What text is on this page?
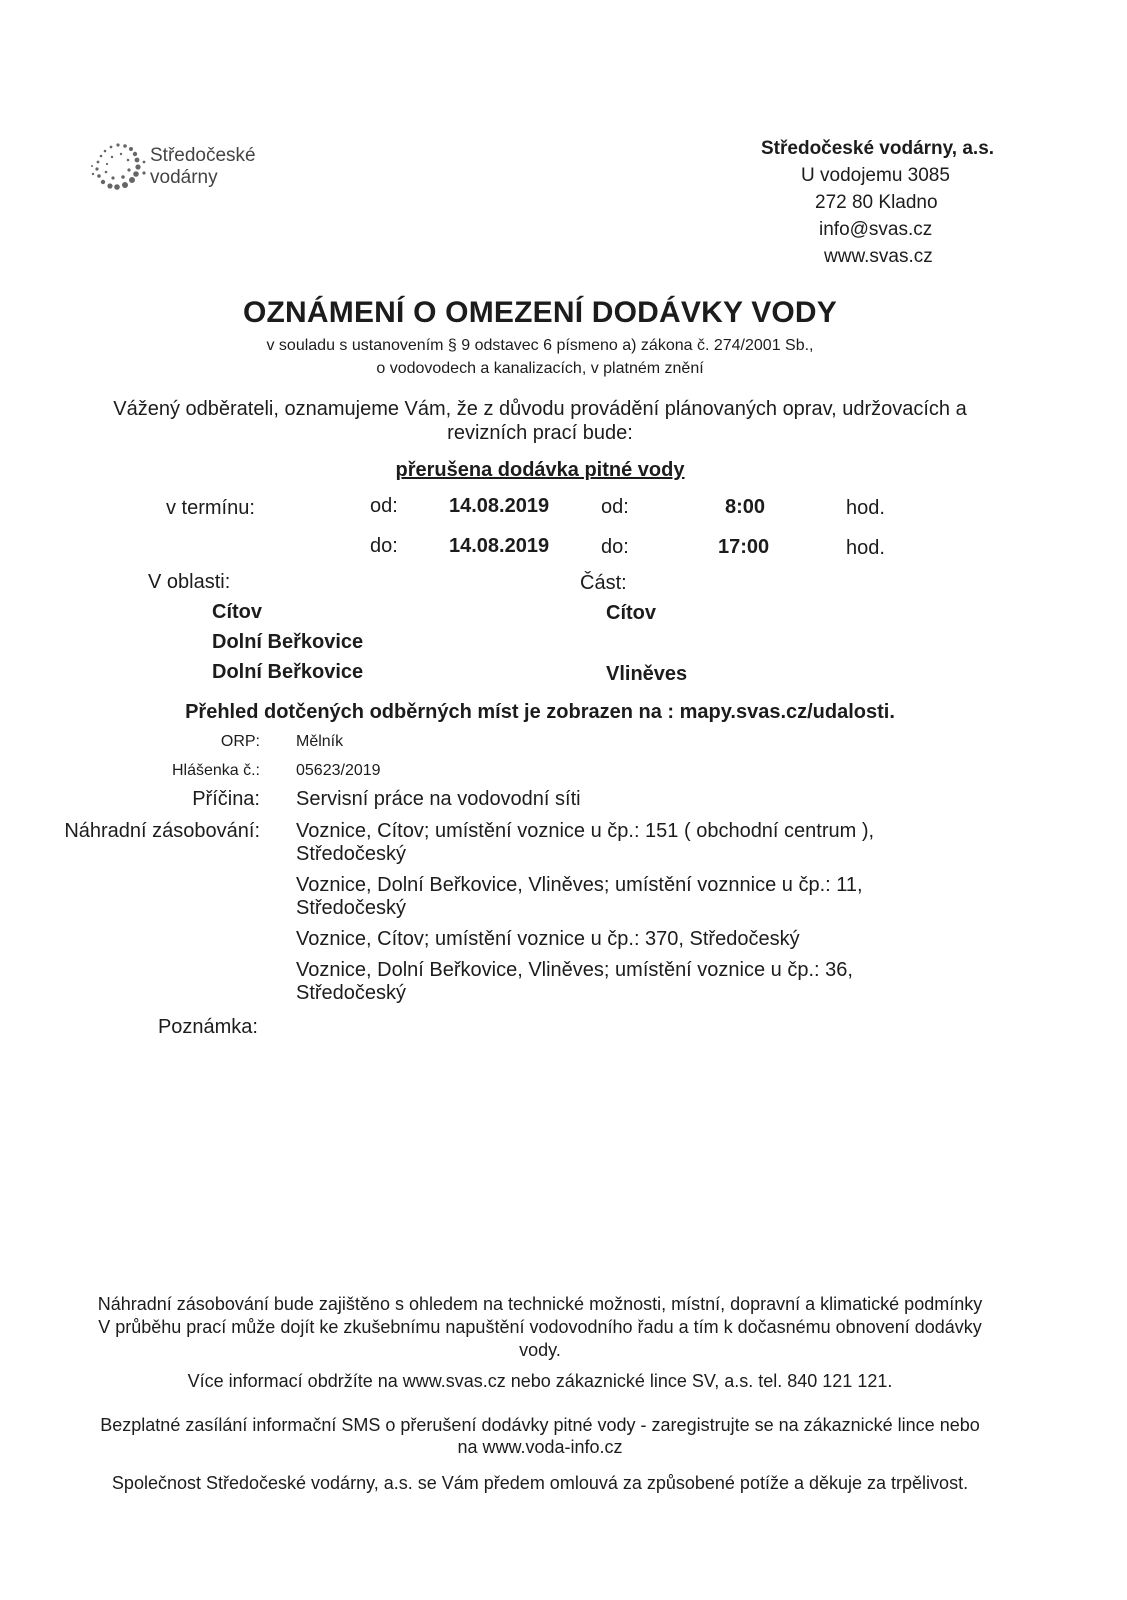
Středočeské
vodárny
Středočeské vodárny, a.s.
U vodojemu 3085
272 80 Kladno
info@svas.cz
www.svas.cz
OZNÁMENÍ O OMEZENÍ DODÁVKY VODY
v souladu s ustanovením § 9 odstavec 6 písmeno a) zákona č. 274/2001 Sb.,
o vodovodech a kanalizacích, v platném znění
Vážený odběrateli, oznamujeme Vám, že z důvodu provádění plánovaných oprav, udržovacích a
revizních prací bude:
přerušena dodávka pitné vody
v termínu:	od:	14.08.2019	od:	8:00	hod.
do:	14.08.2019	do:	17:00	hod.
V oblasti:	Část:
Cítov	Cítov
Dolní Beřkovice
Dolní Beřkovice	Vliněves
Přehled dotčených odběrných míst je zobrazen na : mapy.svas.cz/udalosti.
ORP: Mělník
Hlášenka č.: 05623/2019
Příčina: Servisní práce na vodovodní síti
Náhradní zásobování: Voznice, Cítov; umístění voznice u čp.: 151 ( obchodní centrum ),
Středočeský
Voznice, Dolní Beřkovice, Vliněves; umístění voznnice u čp.: 11,
Středočeský
Voznice, Cítov; umístění voznice u čp.: 370, Středočeský
Voznice, Dolní Beřkovice, Vliněves; umístění voznice u čp.: 36,
Středočeský
Poznámka:
Náhradní zásobování bude zajištěno s ohledem na technické možnosti, místní, dopravní a klimatické podmínky
V průběhu prací může dojít ke zkušebnímu napuštění vodovodního řadu a tím k dočasnému obnovení dodávky
vody.
Více informací obdržíte na www.svas.cz nebo zákaznické lince SV, a.s. tel. 840 121 121.
Bezplatné zasílání informační SMS o přerušení dodávky pitné vody - zaregistrujte se na zákaznické lince nebo
na www.voda-info.cz
Společnost Středočeské vodárny, a.s. se Vám předem omlouvá za způsobené potíže a děkuje za trpělivost.
